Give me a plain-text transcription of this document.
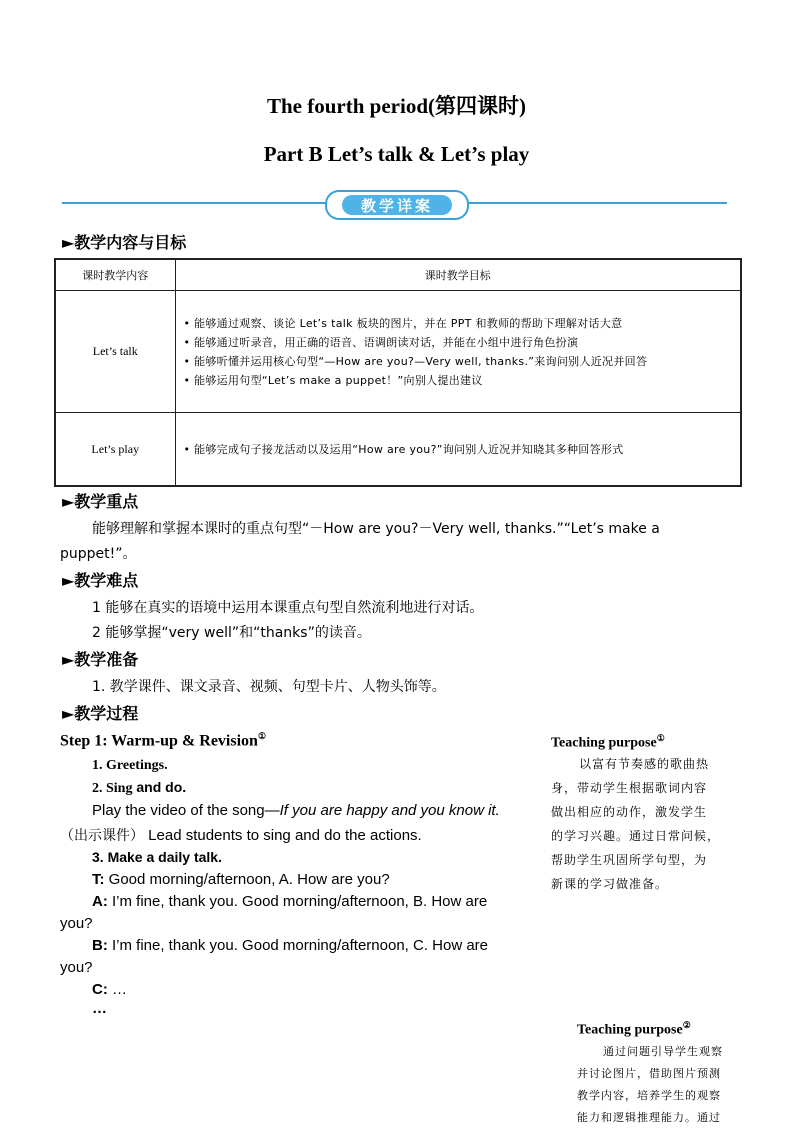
The fourth period(第四课时)
Part B Let’s talk & Let’s play
教学详案
►教学内容与目标
课时教学内容	课时教学目标
Let’s talk	• 能够通过观察、谈论 Let’s talk 板块的图片，并在 PPT 和教师的帮助下理解对话大意
• 能够通过听录音，用正确的语音、语调朗读对话，并能在小组中进行角色扮演
• 能够听懂并运用核心句型“—How are you?—Very well, thanks.”来询问别人近况并回答
• 能够运用句型“Let’s make a puppet！”向别人提出建议

Let’s play	• 能够完成句子接龙活动以及运用“How are you?”询问别人近况并知晓其多种回答形式
►教学重点
能够理解和掌握本课时的重点句型“－How are you?－Very well, thanks.”“Let’s make a
puppet!”。
►教学难点
1 能够在真实的语境中运用本课重点句型自然流利地进行对话。
2 能够掌握“very well”和“thanks”的读音。
►教学准备
1. 教学课件、课文录音、视频、句型卡片、人物头饰等。
►教学过程
Step 1: Warm-up & Revision①
1. Greetings.
2. Sing and do.
Play the video of the song—If you are happy and you know it.
（出示课件） Lead students to sing and do the actions.
3. Make a daily talk.
T: Good morning/afternoon, A. How are you?
A: I’m fine, thank you. Good morning/afternoon, B. How are
you?
B: I’m fine, thank you. Good morning/afternoon, C. How are
you?
C: …
…
Teaching purpose①
以富有节奏感的歌曲热
身，带动学生根据歌词内容
做出相应的动作，激发学生
的学习兴趣。通过日常问候，
帮助学生巩固所学句型，为
新课的学习做准备。
Teaching purpose②
通过问题引导学生观察
并讨论图片，借助图片预测
教学内容，培养学生的观察
能力和逻辑推理能力。通过
